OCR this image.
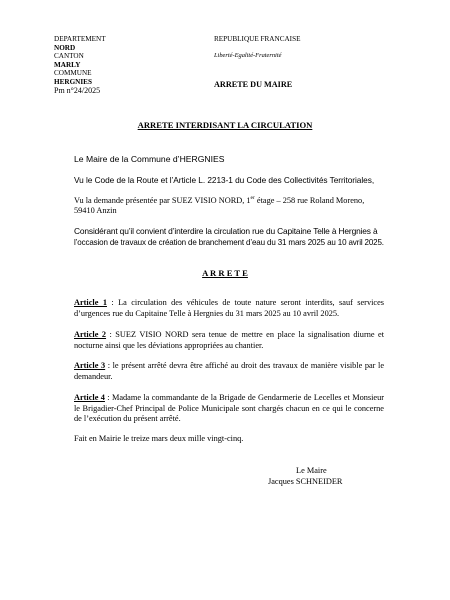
DEPARTEMENT
NORD
CANTON
MARLY
COMMUNE
HERGNIES
Pm n°24/2025
REPUBLIQUE FRANCAISE
Liberté-Egalité-Fraternité
ARRETE DU MAIRE
ARRETE INTERDISANT LA CIRCULATION
Le Maire de la Commune d’HERGNIES
Vu le Code de la Route et l’Article L. 2213-1 du Code des Collectivités Territoriales,
Vu la demande présentée par SUEZ VISIO NORD, 1er étage – 258 rue Roland Moreno,
59410 Anzin
Considérant qu’il convient d’interdire la circulation rue du Capitaine Telle à Hergnies à
l’occasion de travaux de création de branchement d’eau du 31 mars 2025 au 10 avril 2025.
A R R E T E
Article 1 : La circulation des véhicules de toute nature seront interdits, sauf services d’urgences rue du Capitaine Telle à Hergnies du 31 mars 2025 au 10 avril 2025.
Article 2 : SUEZ VISIO NORD sera tenue de mettre en place la signalisation diurne et nocturne ainsi que les déviations appropriées au chantier.
Article 3 : le présent arrêté devra être affiché au droit des travaux de manière visible par le demandeur.
Article 4 : Madame la commandante de la Brigade de Gendarmerie de Lecelles et Monsieur le Brigadier-Chef Principal de Police Municipale sont chargés chacun en ce qui le concerne de l’exécution du présent arrêté.
Fait en Mairie le treize mars deux mille vingt-cinq.
Le Maire
Jacques SCHNEIDER
